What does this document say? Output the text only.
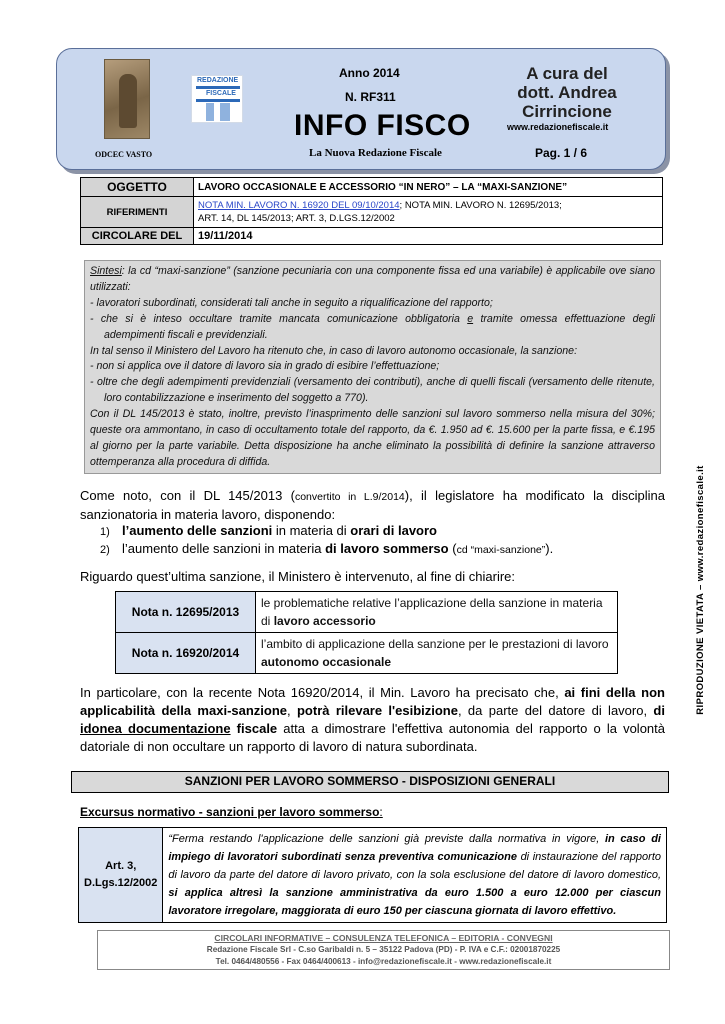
ODCEC VASTO
REDAZIONE
FISCALE
Anno 2014
N. RF311
INFO FISCO
La Nuova Redazione Fiscale
A cura del
dott. Andrea Cirrincione
www.redazionefiscale.it
Pag. 1 / 6
OGGETTO	LAVORO OCCASIONALE E ACCESSORIO “IN NERO” – LA “MAXI-SANZIONE”
RIFERIMENTI	NOTA MIN. LAVORO N. 16920 DEL 09/10/2014; NOTA MIN. LAVORO N. 12695/2013;
ART. 14, DL 145/2013; ART. 3, D.LGS.12/2002
CIRCOLARE DEL	19/11/2014
Sintesi: la cd “maxi-sanzione” (sanzione pecuniaria con una componente fissa ed una variabile) è applicabile ove siano utilizzati:
- lavoratori subordinati, considerati tali anche in seguito a riqualificazione del rapporto;
- che si è inteso occultare tramite mancata comunicazione obbligatoria e tramite omessa effettuazione degli adempimenti fiscali e previdenziali.
In tal senso il Ministero del Lavoro ha ritenuto che, in caso di lavoro autonomo occasionale, la sanzione:
- non si applica ove il datore di lavoro sia in grado di esibire l’effettuazione;
- oltre che degli adempimenti previdenziali (versamento dei contributi), anche di quelli fiscali (versamento delle ritenute, loro contabilizzazione e inserimento del soggetto a 770).
Con il DL 145/2013 è stato, inoltre, previsto l’inasprimento delle sanzioni sul lavoro sommerso nella misura del 30%; queste ora ammontano, in caso di occultamento totale del rapporto, da €. 1.950 ad €. 15.600 per la parte fissa, e €.195 al giorno per la parte variabile. Detta disposizione ha anche eliminato la possibilità di definire la sanzione attraverso ottemperanza alla procedura di diffida.
Come noto, con il DL 145/2013 (convertito in L.9/2014), il legislatore ha modificato la disciplina sanzionatoria in materia lavoro, disponendo:
1) l’aumento delle sanzioni in materia di orari di lavoro
2) l’aumento delle sanzioni in materia di lavoro sommerso (cd “maxi-sanzione”).
Riguardo quest’ultima sanzione, il Ministero è intervenuto, al fine di chiarire:
Nota n. 12695/2013	le problematiche relative l’applicazione della sanzione in materia di lavoro accessorio
Nota n. 16920/2014	l’ambito di applicazione della sanzione per le prestazioni di lavoro autonomo occasionale
In particolare, con la recente Nota 16920/2014, il Min. Lavoro ha precisato che, ai fini della non applicabilità della maxi-sanzione, potrà rilevare l'esibizione, da parte del datore di lavoro, di idonea documentazione fiscale atta a dimostrare l'effettiva autonomia del rapporto o la volontà datoriale di non occultare un rapporto di lavoro di natura subordinata.
SANZIONI PER LAVORO SOMMERSO - DISPOSIZIONI GENERALI
Excursus normativo - sanzioni per lavoro sommerso:
Art. 3,
D.Lgs.12/2002
	“Ferma restando l'applicazione delle sanzioni già previste dalla normativa in vigore, in caso di impiego di lavoratori subordinati senza preventiva comunicazione di instaurazione del rapporto di lavoro da parte del datore di lavoro privato, con la sola esclusione del datore di lavoro domestico, si applica altresì la sanzione amministrativa da euro 1.500 a euro 12.000 per ciascun lavoratore irregolare, maggiorata di euro 150 per ciascuna giornata di lavoro effettivo.
CIRCOLARI INFORMATIVE – CONSULENZA TELEFONICA – EDITORIA - CONVEGNI
Redazione Fiscale Srl - C.so Garibaldi n. 5 – 35122 Padova (PD) - P. IVA e C.F.: 02001870225
Tel. 0464/480556 - Fax 0464/400613 - info@redazionefiscale.it - www.redazionefiscale.it
RIPRODUZIONE VIETATA – www.redazionefiscale.it
